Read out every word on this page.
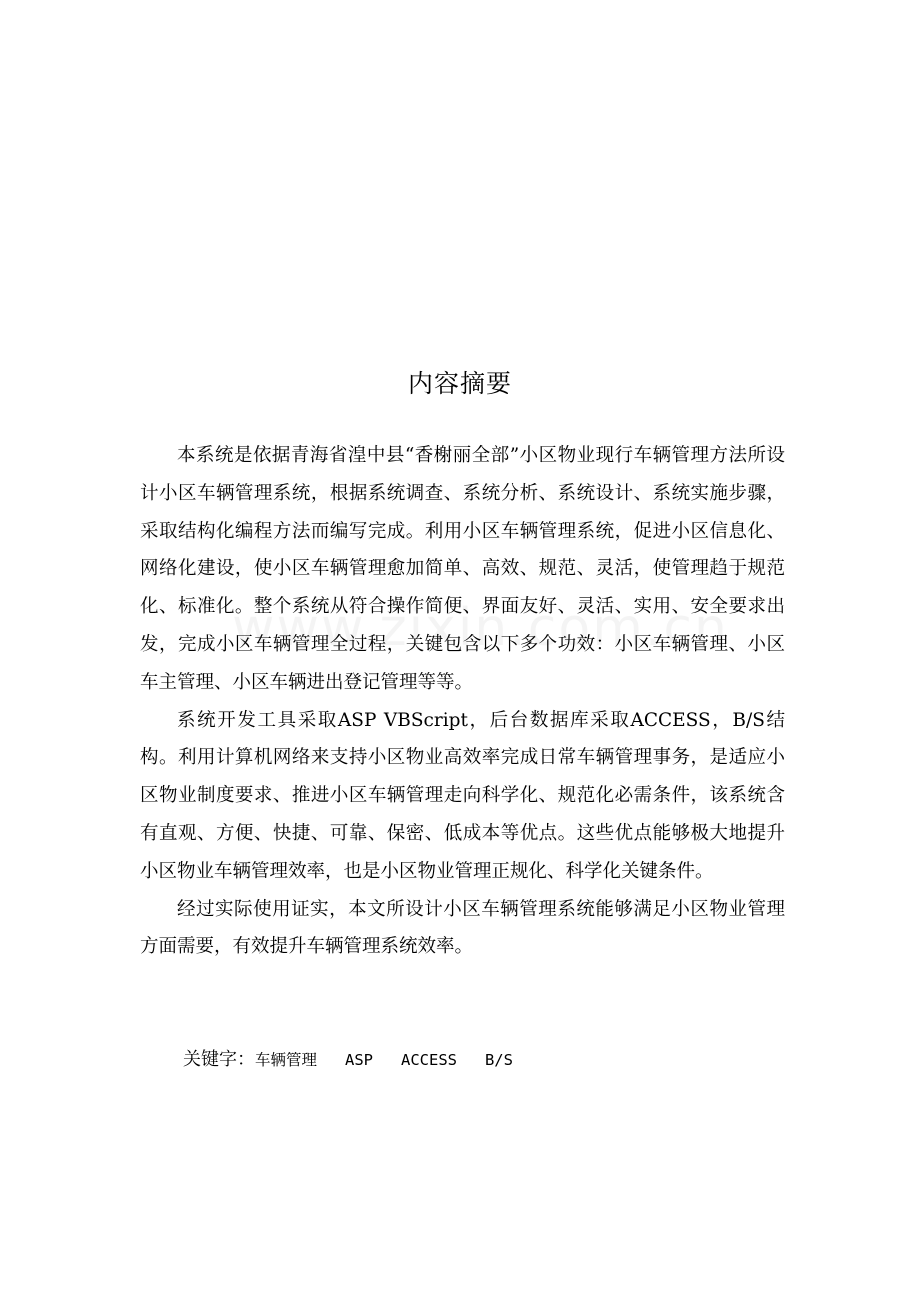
内容摘要

本系统是依据青海省湟中县“香榭丽全部”小区物业现行车辆管理方法所设计小区车辆管理系统，根据系统调查、系统分析、系统设计、系统实施步骤，采取结构化编程方法而编写完成。利用小区车辆管理系统，促进小区信息化、网络化建设，使小区车辆管理愈加简单、高效、规范、灵活，使管理趋于规范化、标准化。整个系统从符合操作简便、界面友好、灵活、实用、安全要求出发，完成小区车辆管理全过程，关键包含以下多个功效：小区车辆管理、小区车主管理、小区车辆进出登记管理等等。

系统开发工具采取ASP VBScript，后台数据库采取ACCESS，B/S结构。利用计算机网络来支持小区物业高效率完成日常车辆管理事务，是适应小区物业制度要求、推进小区车辆管理走向科学化、规范化必需条件，该系统含有直观、方便、快捷、可靠、保密、低成本等优点。这些优点能够极大地提升小区物业车辆管理效率，也是小区物业管理正规化、科学化关键条件。

经过实际使用证实，本文所设计小区车辆管理系统能够满足小区物业管理方面需要，有效提升车辆管理系统效率。

关键字：车辆管理   ASP   ACCESS   B/S
